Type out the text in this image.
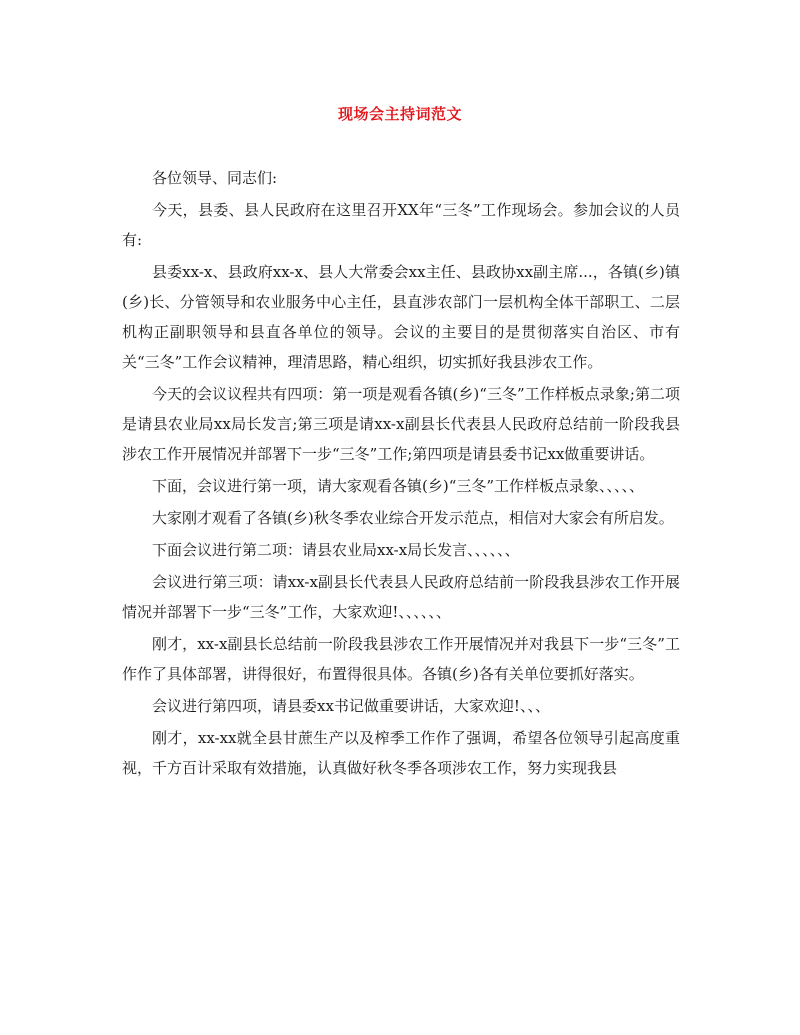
现场会主持词范文

各位领导、同志们:

今天，县委、县人民政府在这里召开XX年“三冬”工作现场会。参加会议的人员有:

县委xx-x、县政府xx-x、县人大常委会xx主任、县政协xx副主席...，各镇(乡)镇(乡)长、分管领导和农业服务中心主任，县直涉农部门一层机构全体干部职工、二层机构正副职领导和县直各单位的领导。会议的主要目的是贯彻落实自治区、市有关“三冬”工作会议精神，理清思路，精心组织，切实抓好我县涉农工作。

今天的会议议程共有四项：第一项是观看各镇(乡)“三冬”工作样板点录象;第二项是请县农业局xx局长发言;第三项是请xx-x副县长代表县人民政府总结前一阶段我县涉农工作开展情况并部署下一步“三冬”工作;第四项是请县委书记xx做重要讲话。

下面，会议进行第一项，请大家观看各镇(乡)“三冬”工作样板点录象、、、、、

大家刚才观看了各镇(乡)秋冬季农业综合开发示范点，相信对大家会有所启发。

下面会议进行第二项：请县农业局xx-x局长发言、、、、、、

会议进行第三项：请xx-x副县长代表县人民政府总结前一阶段我县涉农工作开展情况并部署下一步“三冬”工作，大家欢迎!、、、、、、

刚才，xx-x副县长总结前一阶段我县涉农工作开展情况并对我县下一步“三冬”工作作了具体部署，讲得很好，布置得很具体。各镇(乡)各有关单位要抓好落实。

会议进行第四项，请县委xx书记做重要讲话，大家欢迎!、、、

刚才，xx-xx就全县甘蔗生产以及榨季工作作了强调，希望各位领导引起高度重视，千方百计采取有效措施，认真做好秋冬季各项涉农工作，努力实现我县
